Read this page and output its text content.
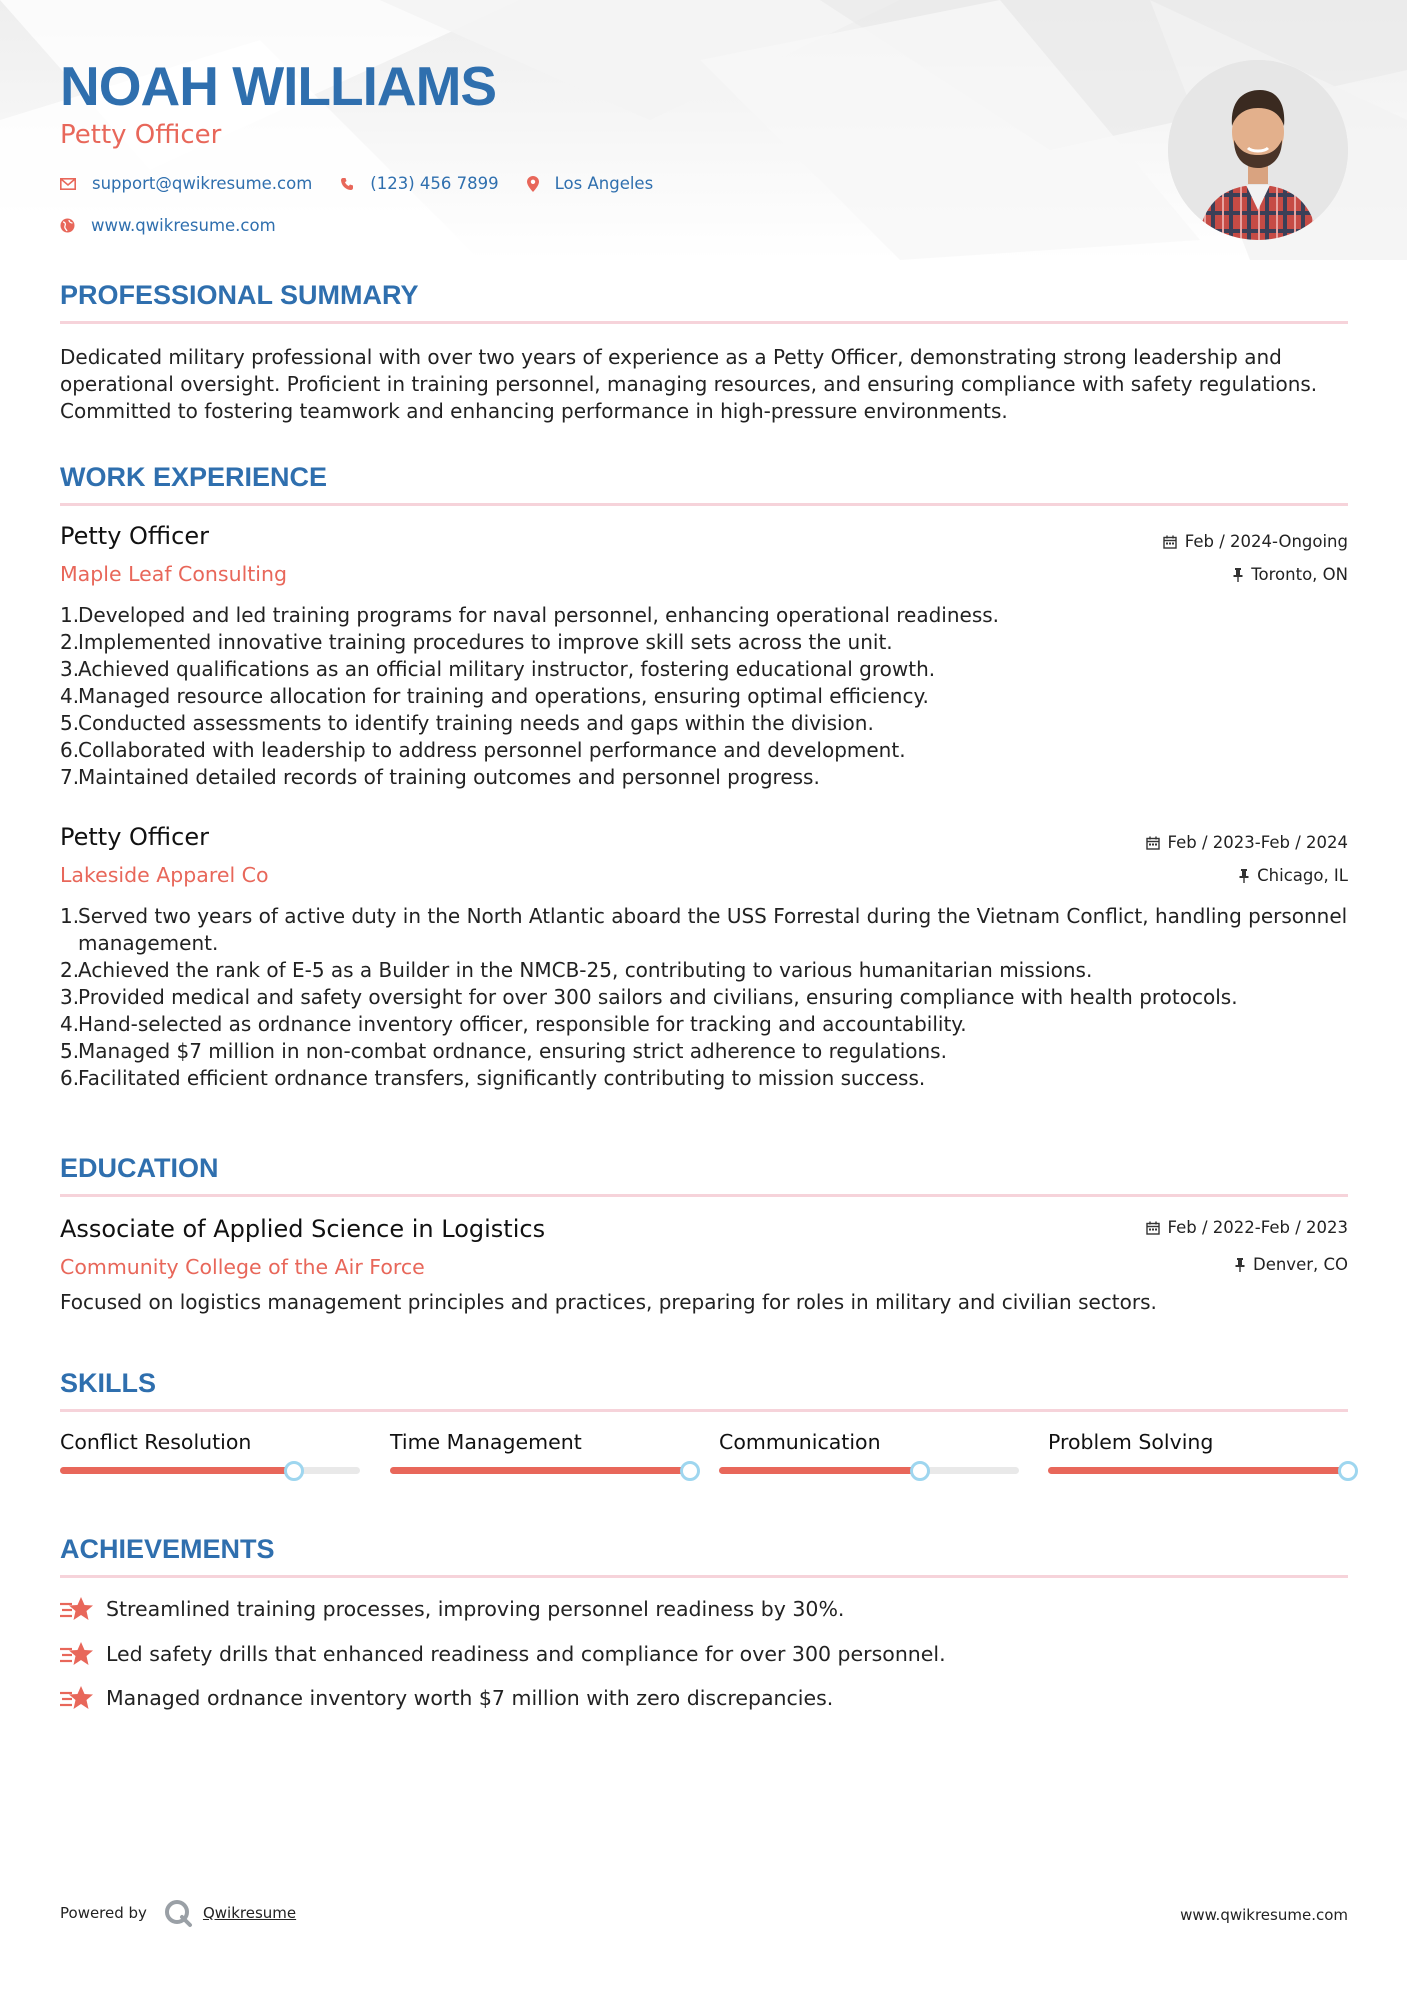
NOAH WILLIAMS
Petty Officer
support@qwikresume.com	(123) 456 7899	Los Angeles
www.qwikresume.com
PROFESSIONAL SUMMARY

Dedicated military professional with over two years of experience as a Petty Officer, demonstrating strong leadership and operational oversight. Proficient in training personnel, managing resources, and ensuring compliance with safety regulations. Committed to fostering teamwork and enhancing performance in high-pressure environments.

WORK EXPERIENCE
Petty Officer
Maple Leaf Consulting
Feb / 2024-Ongoing
Toronto, ON
1.
Developed and led training programs for naval personnel, enhancing operational readiness.
2.
Implemented innovative training procedures to improve skill sets across the unit.
3.
Achieved qualifications as an official military instructor, fostering educational growth.
4.
Managed resource allocation for training and operations, ensuring optimal efficiency.
5.
Conducted assessments to identify training needs and gaps within the division.
6.
Collaborated with leadership to address personnel performance and development.
7.
Maintained detailed records of training outcomes and personnel progress.
Petty Officer
Lakeside Apparel Co
Feb / 2023-Feb / 2024
Chicago, IL
1.
Served two years of active duty in the North Atlantic aboard the USS Forrestal during the Vietnam Conflict, handling personnel management.
2.
Achieved the rank of E-5 as a Builder in the NMCB-25, contributing to various humanitarian missions.
3.
Provided medical and safety oversight for over 300 sailors and civilians, ensuring compliance with health protocols.
4.
Hand-selected as ordnance inventory officer, responsible for tracking and accountability.
5.
Managed $7 million in non-combat ordnance, ensuring strict adherence to regulations.
6.
Facilitated efficient ordnance transfers, significantly contributing to mission success.
EDUCATION
Associate of Applied Science in Logistics
Community College of the Air Force
Feb / 2022-Feb / 2023
Denver, CO

Focused on logistics management principles and practices, preparing for roles in military and civilian sectors.

SKILLS
Conflict Resolution	Time Management	Communication	Problem Solving
ACHIEVEMENTS
Streamlined training processes, improving personnel readiness by 30%.
Led safety drills that enhanced readiness and compliance for over 300 personnel.
Managed ordnance inventory worth $7 million with zero discrepancies.
Powered by	Qwikresume	www.qwikresume.com
